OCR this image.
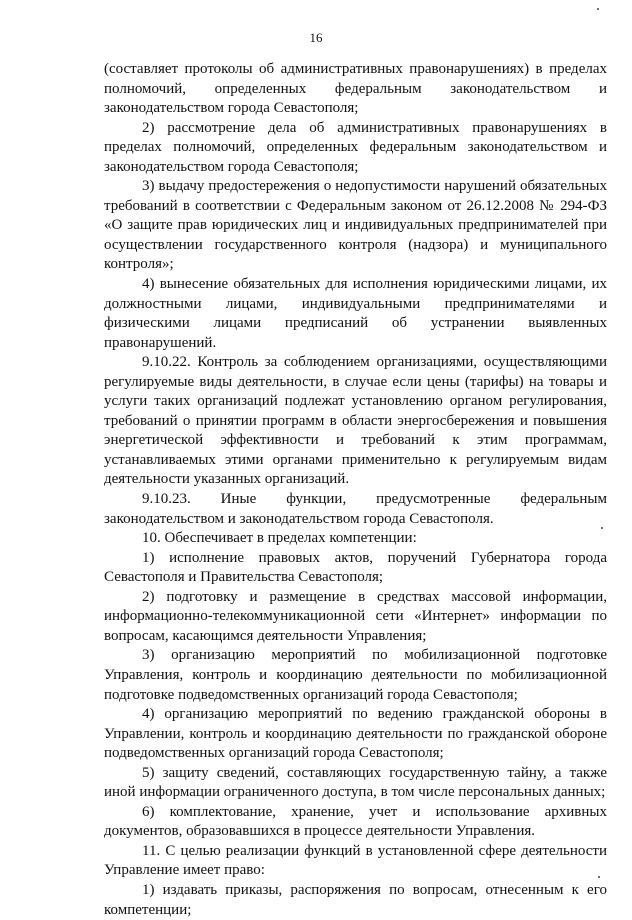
16

(составляет протоколы об административных правонарушениях) в пределах полномочий, определенных федеральным законодательством и законодательством города Севастополя;

2) рассмотрение дела об административных правонарушениях в пределах полномочий, определенных федеральным законодательством и законодательством города Севастополя;

3) выдачу предостережения о недопустимости нарушений обязательных требований в соответствии с Федеральным законом от 26.12.2008 № 294-ФЗ «О защите прав юридических лиц и индивидуальных предпринимателей при осуществлении государственного контроля (надзора) и муниципального контроля»;

4) вынесение обязательных для исполнения юридическими лицами, их должностными лицами, индивидуальными предпринимателями и физическими лицами предписаний об устранении выявленных правонарушений.

9.10.22. Контроль за соблюдением организациями, осуществляющими регулируемые виды деятельности, в случае если цены (тарифы) на товары и услуги таких организаций подлежат установлению органом регулирования, требований о принятии программ в области энергосбережения и повышения энергетической эффективности и требований к этим программам, устанавливаемых этими органами применительно к регулируемым видам деятельности указанных организаций.

9.10.23. Иные функции, предусмотренные федеральным законодательством и законодательством города Севастополя.

10. Обеспечивает в пределах компетенции:

1) исполнение правовых актов, поручений Губернатора города Севастополя и Правительства Севастополя;

2) подготовку и размещение в средствах массовой информации, информационно-телекоммуникационной сети «Интернет» информации по вопросам, касающимся деятельности Управления;

3) организацию мероприятий по мобилизационной подготовке Управления, контроль и координацию деятельности по мобилизационной подготовке подведомственных организаций города Севастополя;

4) организацию мероприятий по ведению гражданской обороны в Управлении, контроль и координацию деятельности по гражданской обороне подведомственных организаций города Севастополя;

5) защиту сведений, составляющих государственную тайну, а также иной информации ограниченного доступа, в том числе персональных данных;

6) комплектование, хранение, учет и использование архивных документов, образовавшихся в процессе деятельности Управления.

11. С целью реализации функций в установленной сфере деятельности Управление имеет право:

1) издавать приказы, распоряжения по вопросам, отнесенным к его компетенции;
